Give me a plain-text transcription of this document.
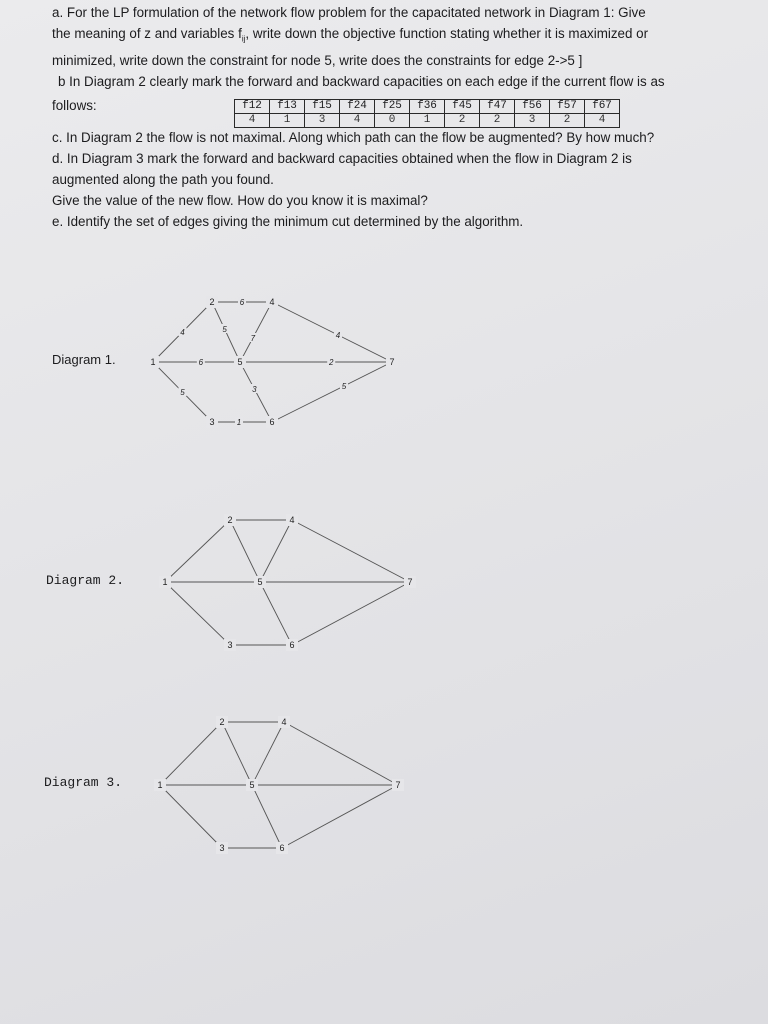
a. For the LP formulation of the network flow problem for the capacitated network in Diagram 1: Give
the meaning of z and variables $f_{ij}$, write down the objective function stating whether it is maximized or
minimized, write down the constraint for node 5, write does the constraints for edge 2->5 ]
b In Diagram 2 clearly mark the forward and backward capacities on each edge if the current flow is as
follows:	f12	f13	f15	f24	f25	f36	f45	f47	f56	f57	f67
4	1	3	4	0	1	2	2	3	2	4
c. In Diagram 2 the flow is not maximal. Along which path can the flow be augmented? By how much?
d. In Diagram 3 mark the forward and backward capacities obtained when the flow in Diagram 2 is
augmented along the path you found.
Give the value of the new flow. How do you know it is maximal?
e. Identify the set of edges giving the minimum cut determined by the algorithm.
Diagram 1.
Diagram 2.
Diagram 3.
4
5
6
6
5
1
7	4
3
2
5
1
2
3
4
5
6
7
1
2
3
4
5
6
7
1
2
3
4
5
6
7
